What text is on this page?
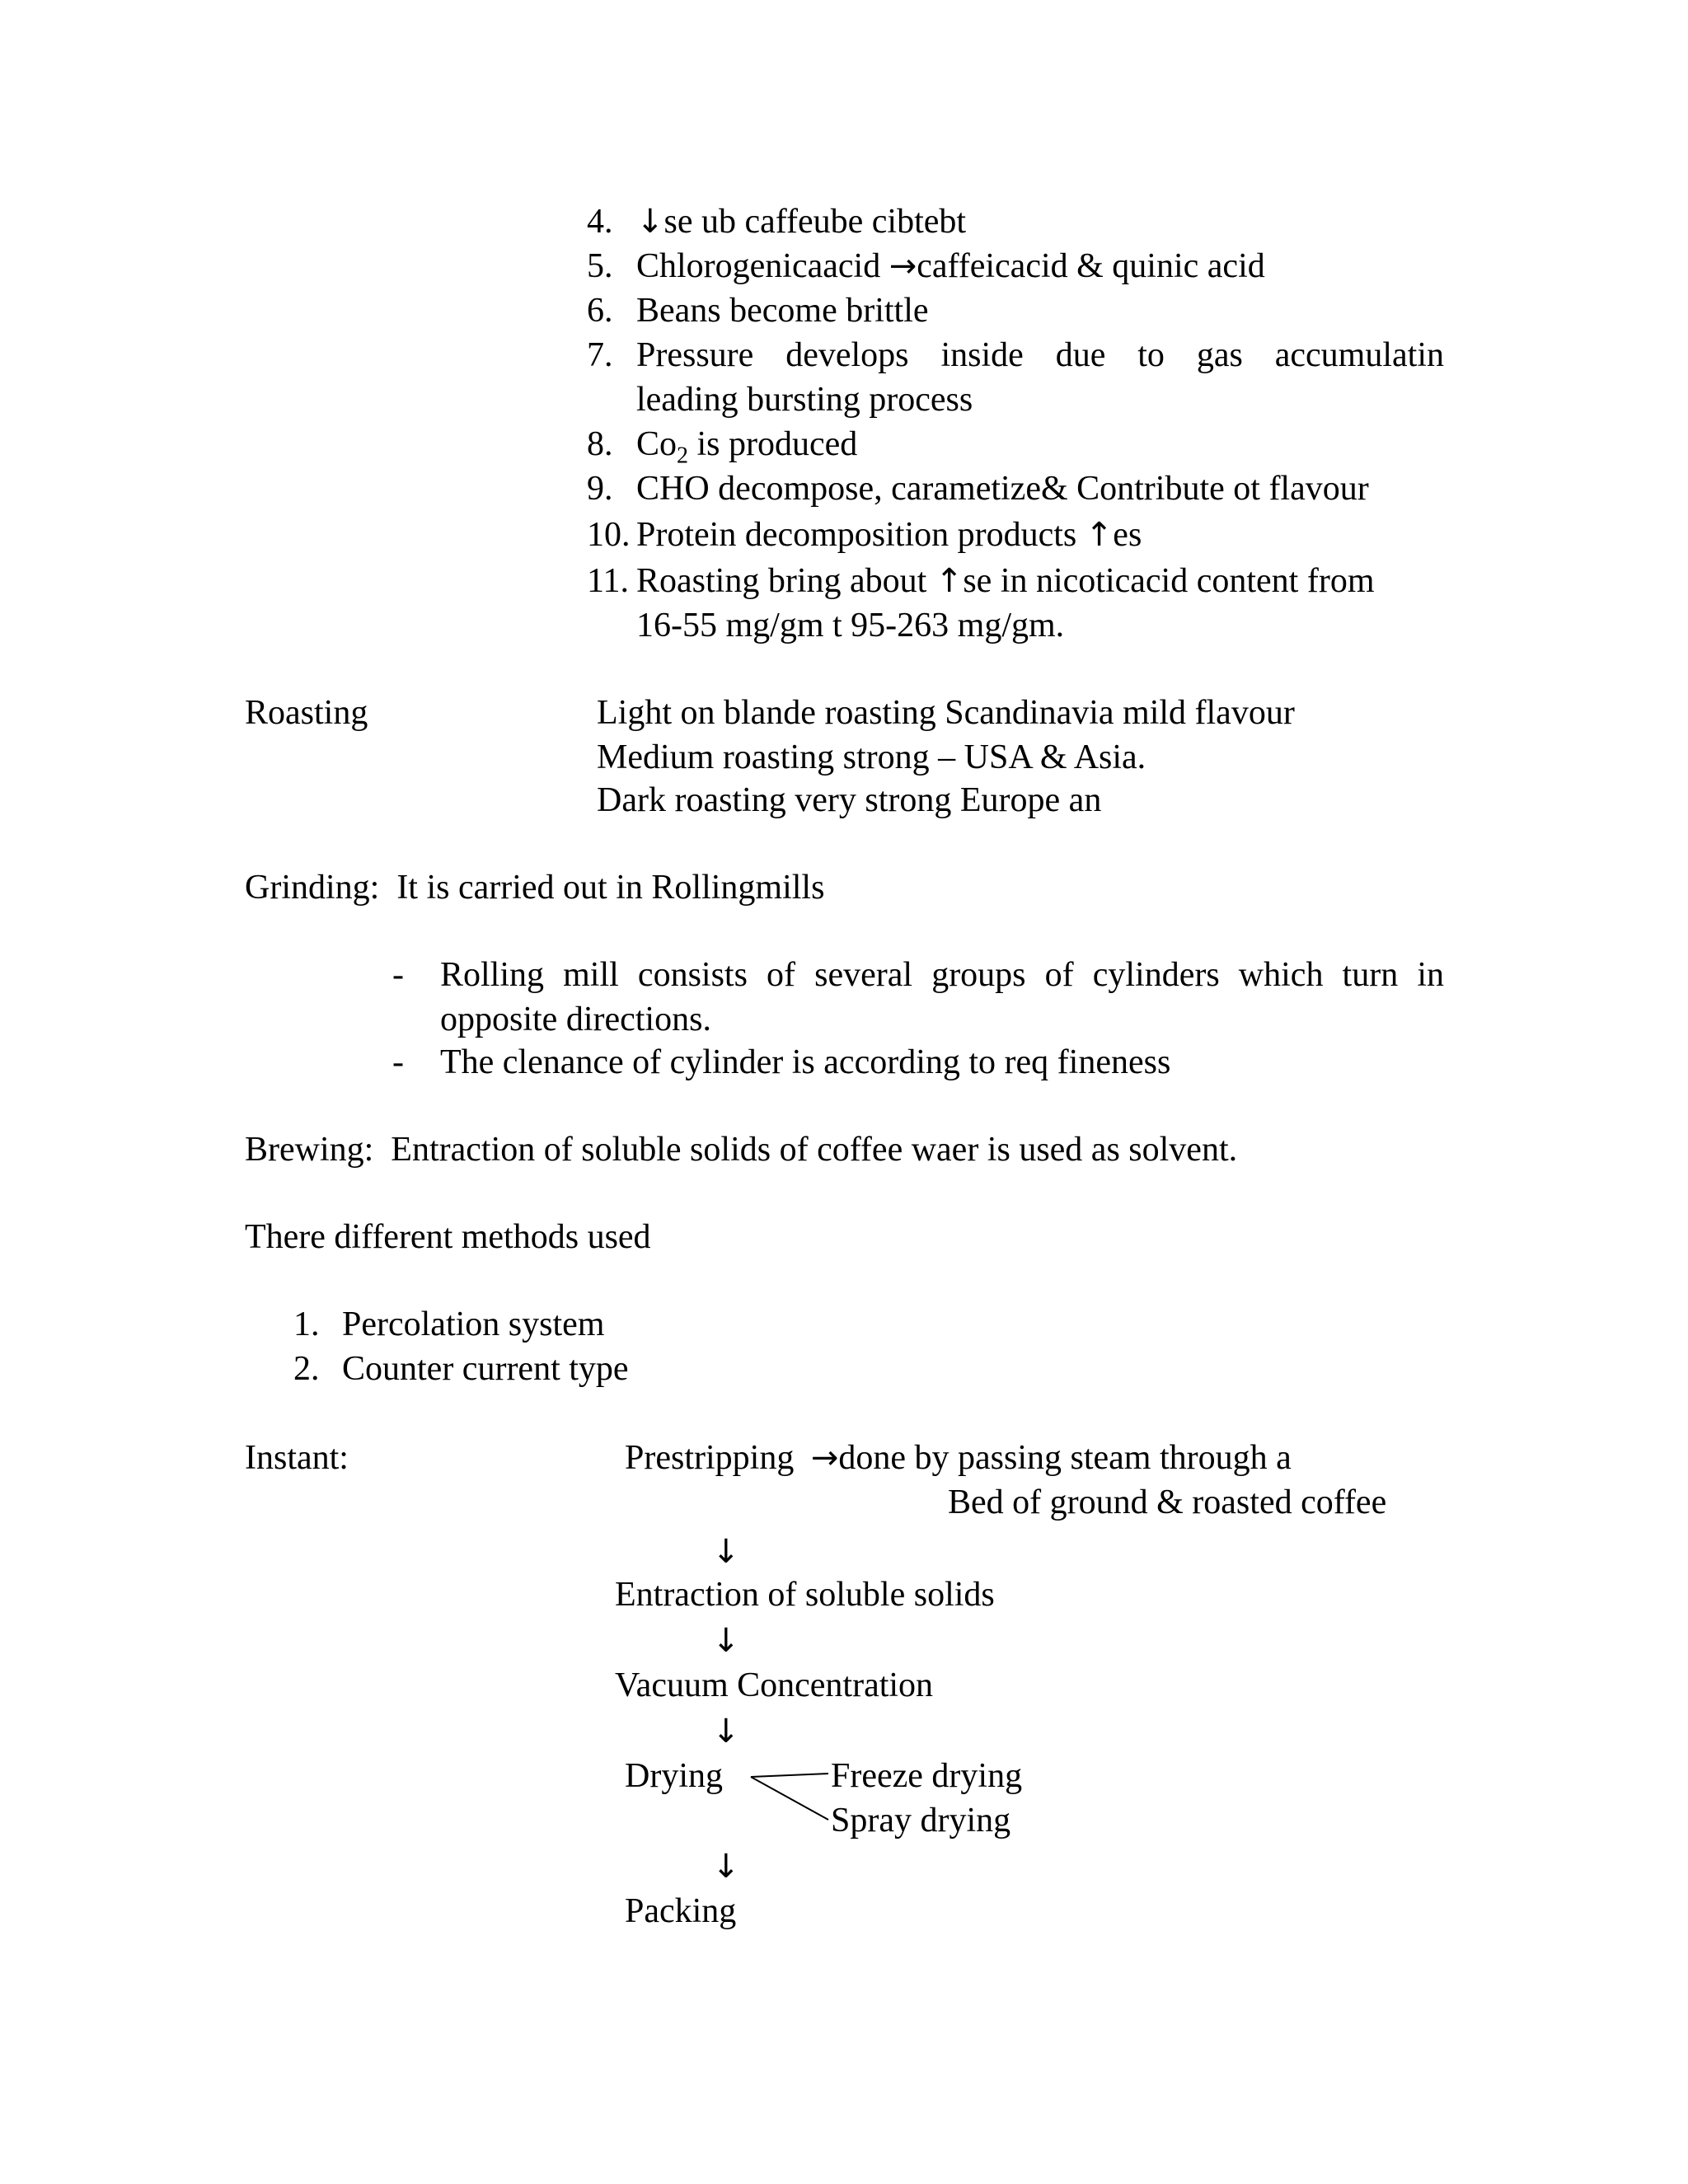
4. ↓se ub caffeube cibtebt
5. Chlorogenicaacid →caffeicacid & quinic acid
6. Beans become brittle
7. Pressure develops inside due to gas accumulatin
leading bursting process
8. $Co_2$ is produced
9. CHO decompose, carametize& Contribute ot flavour
10. Protein decomposition products ↑es
11. Roasting bring about ↑se in nicoticacid content from
16-55 mg/gm t 95-263 mg/gm.
Roasting	Light on blande roasting Scandinavia mild flavour
Medium roasting strong – USA & Asia.
Dark roasting very strong Europe an
Grinding:  It is carried out in Rollingmills
- Rolling mill consists of several groups of cylinders which turn in
opposite directions.
- The clenance of cylinder is according to req fineness
Brewing:  Entraction of soluble solids of coffee waer is used as solvent.
There different methods used
1. Percolation system
2. Counter current type
Instant:	Prestripping →done by passing steam through a
Bed of ground & roasted coffee
↓
Entraction of soluble solids
↓
Vacuum Concentration
↓
Drying	Freeze drying
Spray drying
↓
Packing
